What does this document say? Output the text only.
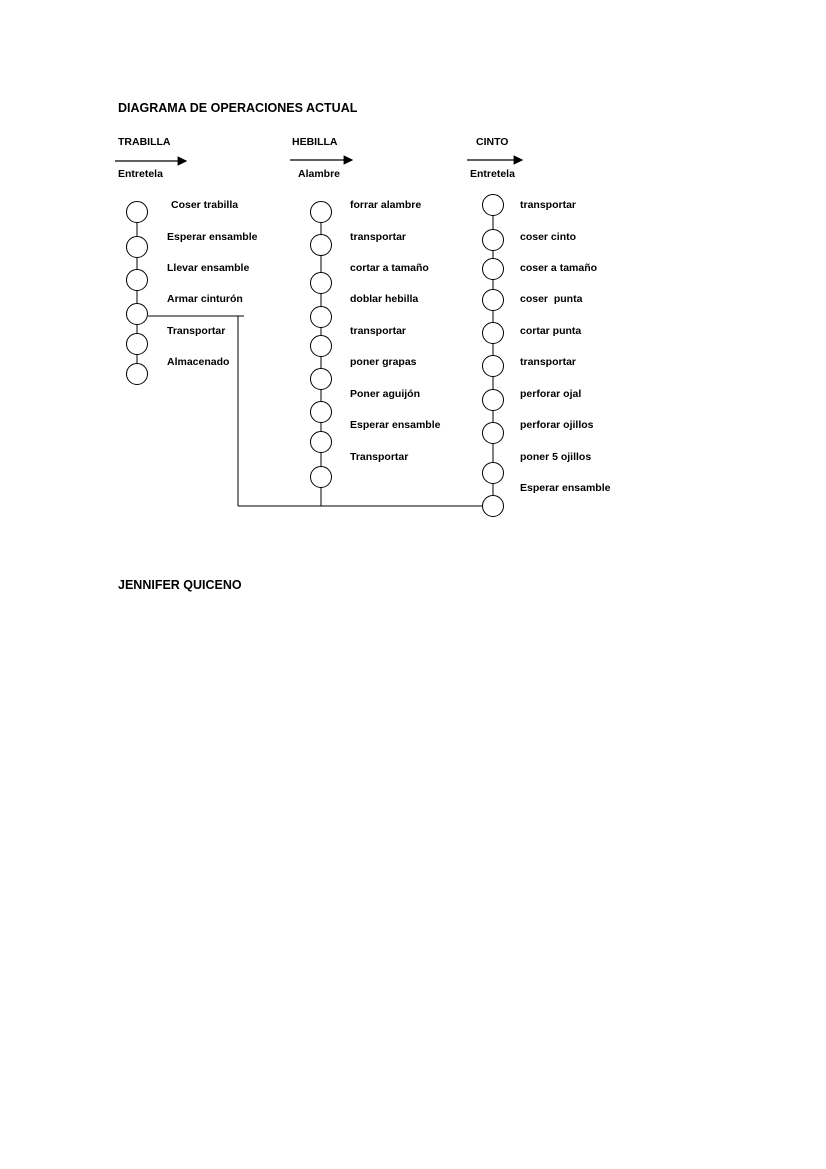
DIAGRAMA DE OPERACIONES ACTUAL
TRABILLA	HEBILLA	CINTO
Entretela	Alambre	Entretela
Coser trabilla
Esperar ensamble
Llevar ensamble
Armar cinturón
Transportar
Almacenado
forrar alambre
transportar
cortar a tamaño
doblar hebilla
transportar
poner grapas
Poner aguijón
Esperar ensamble
Transportar
transportar
coser cinto
coser a tamaño
coser  punta
cortar punta
transportar
perforar ojal
perforar ojillos
poner 5 ojillos
Esperar ensamble
JENNIFER QUICENO
